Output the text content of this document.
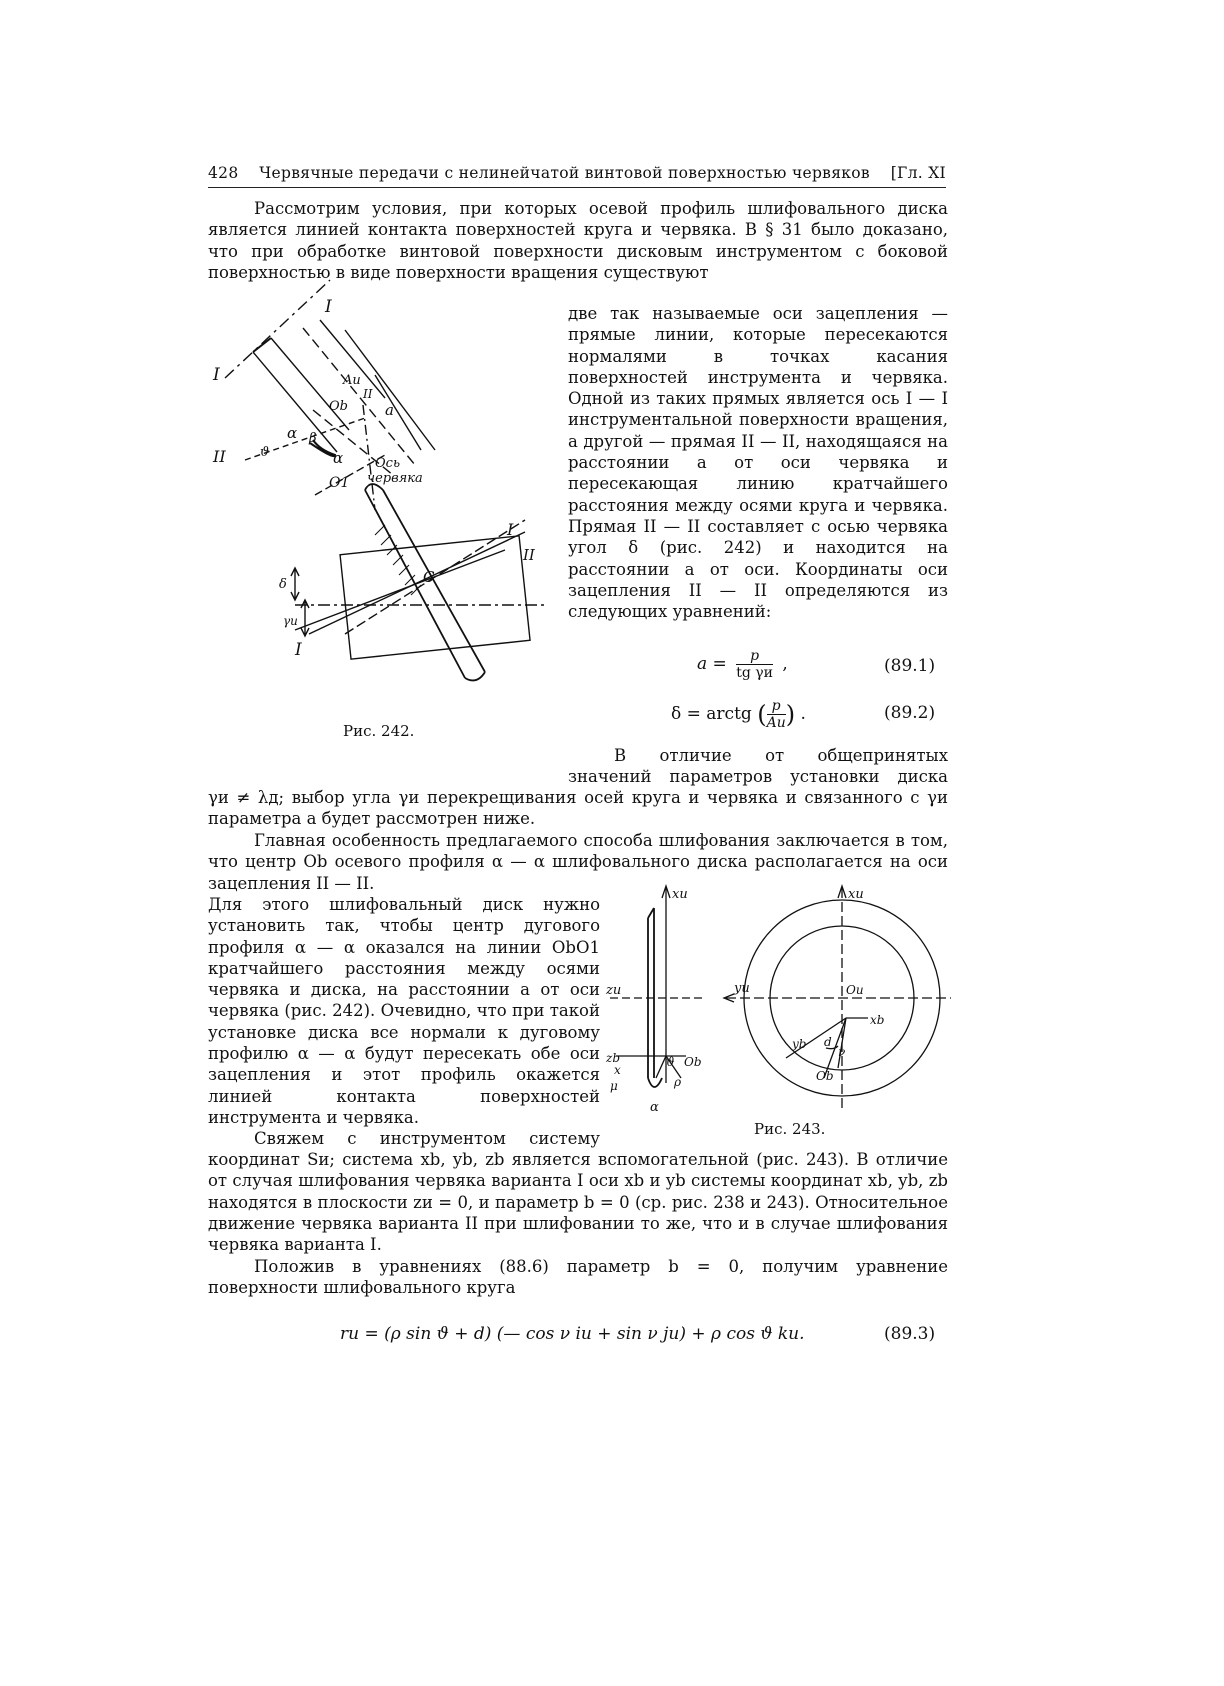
428 Червячные передачи с нелинейчатой винтовой поверхностью червяков [Гл. XI

Рассмотрим условия, при которых осевой профиль шлифовального диска является линией контакта поверхностей круга и червяка. В § 31 было доказано, что при обработке винтовой поверхности дисковым инструментом с боковой поверхностью в виде поверхности вращения существуют

две так называемые оси зацепления — прямые линии, которые пересекаются нормалями в точках касания поверхностей инструмента и червяка. Одной из таких прямых является ось I — I инструментальной поверхности вращения, а другой — прямая II — II, находящаяся на расстоянии a от оси червяка и пересекающая линию кратчайшего расстояния между осями круга и червяка. Прямая II — II составляет с осью червяка угол δ (рис. 242) и находится на расстоянии a от оси. Координаты оси зацепления II — II определяются из следующих уравнений:

I
I
II
Aи
Ob
II
a
α β
α
ϑ
O1
Ось
червяка
I
II
C
δ
γи
I
Рис. 242.
a =	p
tg γи ,	(89.1)
δ = arctg ( p
Aи ) .	(89.2)

В отличие от общепринятых значений параметров установки диска

γи ≠ λд; выбор угла γи перекрещивания осей круга и червяка и связанного с γи параметра a будет рассмотрен ниже.

Главная особенность предлагаемого способа шлифования заключается в том, что центр Ob осевого профиля α — α шлифовального диска располагается на оси зацепления II — II.

Для этого шлифовальный диск нужно установить так, чтобы центр дугового профиля α — α оказался на линии ObO1 кратчайшего расстояния между осями червяка и диска, на расстоянии a от оси червяка (рис. 242). Очевидно, что при такой установке диска все нормали к дуговому профилю α — α будут пересекать обе оси зацепления и этот профиль окажется линией контакта поверхностей инструмента и червяка.

xи
zи
zb
x
μ
α
ϑ
ρ
Ob
xи
yи	Oи
xb
yb d
ν
Ob
Рис. 243.

Свяжем с инструментом систему

координат Sи; система xb, yb, zb является вспомогательной (рис. 243). В отличие от случая шлифования червяка варианта I оси xb и yb системы координат xb, yb, zb находятся в плоскости zи = 0, и параметр b = 0 (ср. рис. 238 и 243). Относительное движение червяка варианта II при шлифовании то же, что и в случае шлифования червяка варианта I.

Положив в уравнениях (88.6) параметр b = 0, получим уравнение поверхности шлифовального круга

rи = (ρ sin ϑ + d) (— cos ν iи + sin ν jи) + ρ cos ϑ kи.	(89.3)
